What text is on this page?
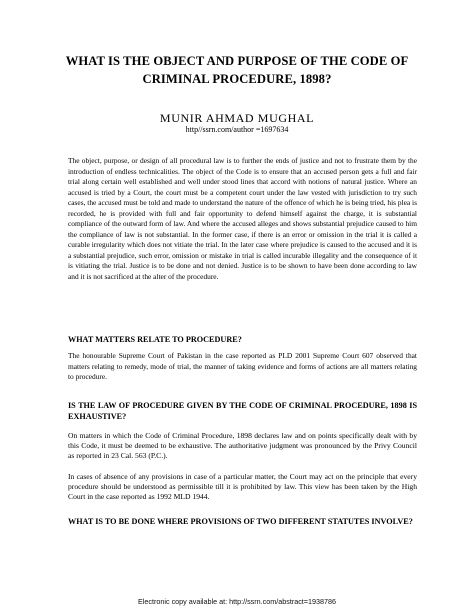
WHAT IS THE OBJECT AND PURPOSE OF THE CODE OF CRIMINAL PROCEDURE, 1898?
MUNIR AHMAD MUGHAL
http//ssrn.com/author =1697634

The object, purpose, or design of all procedural law is to further the ends of justice and not to frustrate them by the introduction of endless technicalities. The object of the Code is to ensure that an accused person gets a full and fair trial along certain well established and well under stood lines that accord with notions of natural justice. Where an accused is tried by a Court, the court must be a competent court under the law vested with jurisdiction to try such cases, the accused must be told and made to understand the nature of the offence of which he is being tried, his plea is recorded, he is provided with full and fair opportunity to defend himself against the charge, it is substantial compliance of the outward form of law. And where the accused alleges and shows substantial prejudice caused to him the compliance of law is not substantial. In the former case, if there is an error or omission in the trial it is called a curable irregularity which does not vitiate the trial. In the later case where prejudice is caused to the accused and it is a substantial prejudice, such error, omission or mistake in trial is called incurable illegality and the consequence of it is vitiating the trial. Justice is to be done and not denied. Justice is to be shown to have been done according to law and it is not sacrificed at the alter of the procedure.

WHAT MATTERS RELATE TO PROCEDURE?

The honourable Supreme Court of Pakistan in the case reported as PLD 2001 Supreme Court 607 observed that matters relating to remedy, mode of trial, the manner of taking evidence and forms of actions are all matters relating to procedure.

IS THE LAW OF PROCEDURE GIVEN BY THE CODE OF CRIMINAL PROCEDURE, 1898 IS EXHAUSTIVE?

On matters in which the Code of Criminal Procedure, 1898 declares law and on points specifically dealt with by this Code, it must be deemed to be exhaustive. The authoritative judgment was pronounced by the Privy Council as reported in 23 Cal. 563 (P.C.).

In cases of absence of any provisions in case of a particular matter, the Court may act on the principle that every procedure should be understood as permissible till it is prohibited by law. This view has been taken by the High Court in the case reported as 1992 MLD 1944.

WHAT IS TO BE DONE WHERE PROVISIONS OF TWO DIFFERENT STATUTES INVOLVE?

Electronic copy available at: http://ssrn.com/abstract=1938786
